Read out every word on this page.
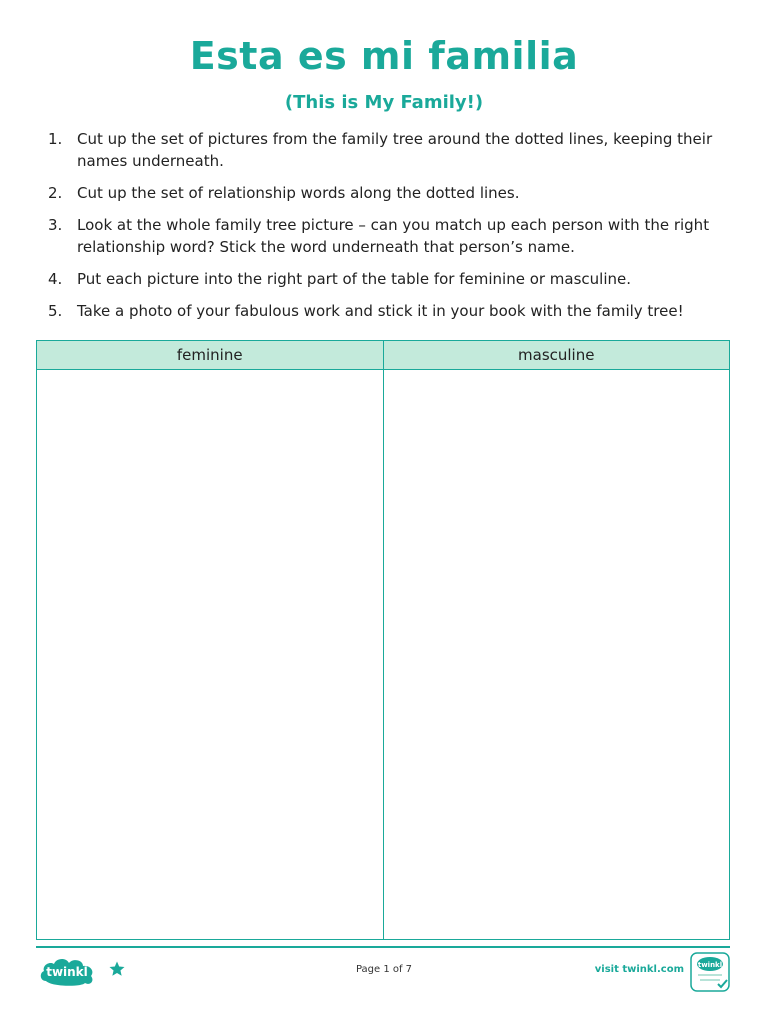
Esta es mi familia
(This is My Family!)
1. Cut up the set of pictures from the family tree around the dotted lines, keeping their names underneath.
2. Cut up the set of relationship words along the dotted lines.
3. Look at the whole family tree picture – can you match up each person with the right relationship word? Stick the word underneath that person’s name.
4. Put each picture into the right part of the table for feminine or masculine.
5. Take a photo of your fabulous work and stick it in your book with the family tree!
feminine	masculine

twinkl	Page 1 of 7	visit twinkl.com twinkl
